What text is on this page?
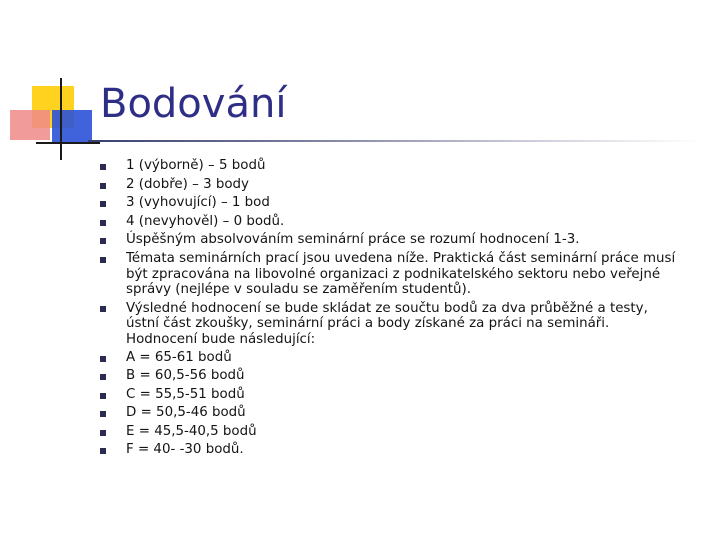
Bodování
1 (výborně) – 5 bodů
2 (dobře) – 3 body
3 (vyhovující) – 1 bod
4 (nevyhověl) – 0 bodů.
Úspěšným absolvováním seminární práce se rozumí hodnocení 1-3.
Témata seminárních prací jsou uvedena níže. Praktická část seminární práce musí být zpracována na libovolné organizaci z podnikatelského sektoru nebo veřejné správy (nejlépe v souladu se zaměřením studentů).
Výsledné hodnocení se bude skládat ze součtu bodů za dva průběžné a testy, ústní část zkoušky, seminární práci a body získané za práci na semináři. Hodnocení bude následující:
A = 65-61 bodů
B = 60,5-56 bodů
C = 55,5-51 bodů
D = 50,5-46 bodů
E = 45,5-40,5 bodů
F = 40- -30 bodů.
